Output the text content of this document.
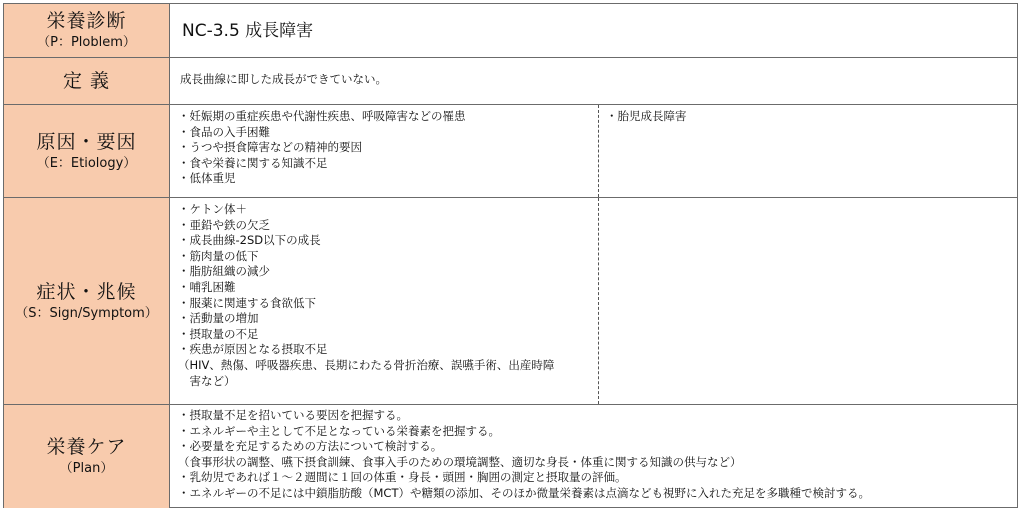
栄養診断
（P：Ploblem）
NC-3.5 成長障害
定 義	成長曲線に即した成長ができていない。
原因・要因
（E：Etiology）
・妊娠期の重症疾患や代謝性疾患、呼吸障害などの罹患
・食品の入手困難
・うつや摂食障害などの精神的要因
・食や栄養に関する知識不足
・低体重児
・胎児成長障害
症状・兆候
（S：Sign/Symptom）
・ケトン体＋
・亜鉛や鉄の欠乏
・成長曲線-2SD以下の成長
・筋肉量の低下
・脂肪組織の減少
・哺乳困難
・服薬に関連する食欲低下
・活動量の増加
・摂取量の不足
・疾患が原因となる摂取不足
（HIV、熱傷、呼吸器疾患、長期にわたる骨折治療、誤嚥手術、出産時障
　害など）
栄養ケア
（Plan）
・摂取量不足を招いている要因を把握する。
・エネルギーや主として不足となっている栄養素を把握する。
・必要量を充足するための方法について検討する。
（食事形状の調整、嚥下摂食訓練、食事入手のための環境調整、適切な身長・体重に関する知識の供与など）
・乳幼児であれば１～２週間に１回の体重・身長・頭囲・胸囲の測定と摂取量の評価。
・エネルギーの不足には中鎖脂肪酸（MCT）や糖類の添加、そのほか微量栄養素は点滴なども視野に入れた充足を多職種で検討する。
